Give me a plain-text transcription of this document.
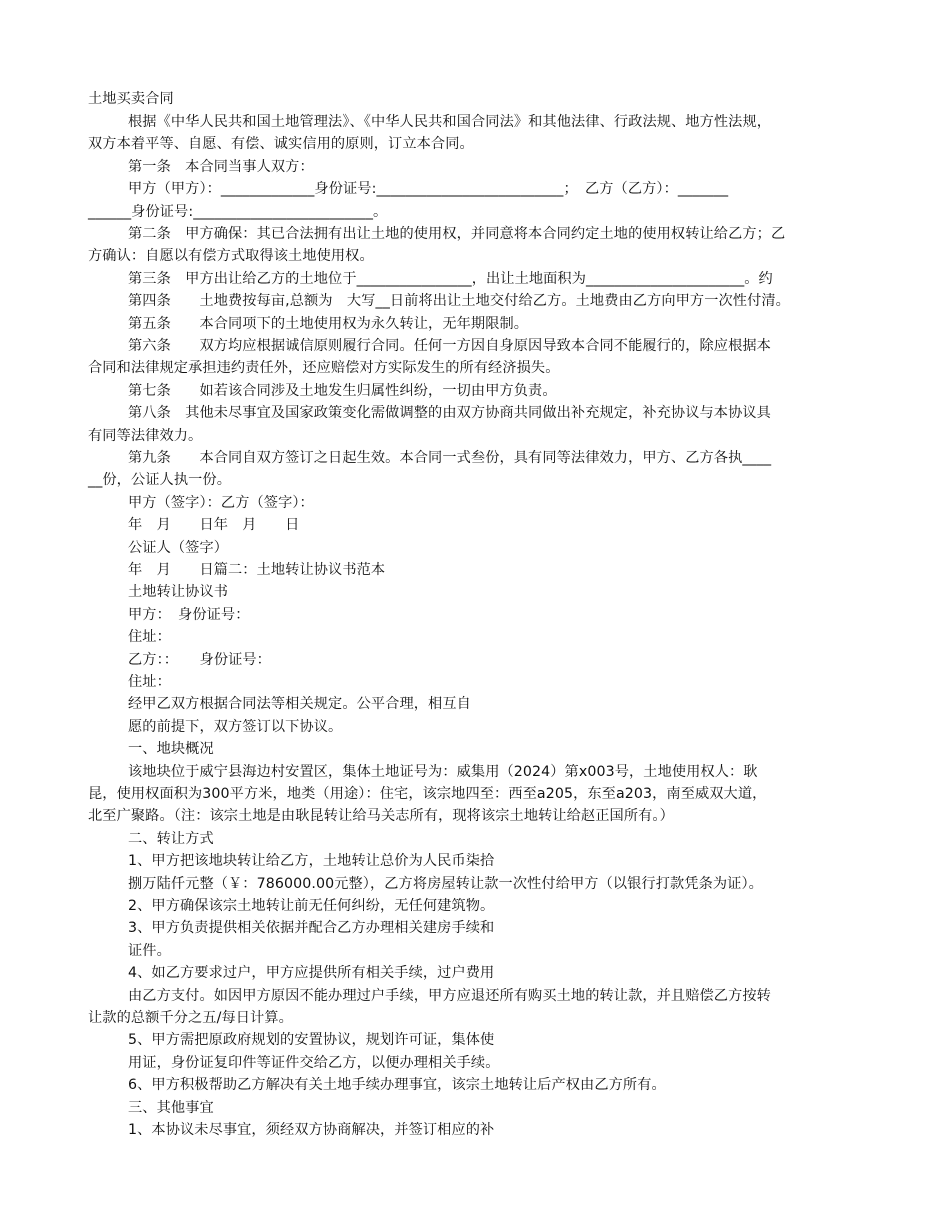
土地买卖合同
根据《中华人民共和国土地管理法》、《中华人民共和国合同法》和其他法律、行政法规、地方性法规，
双方本着平等、自愿、有偿、诚实信用的原则，订立本合同。
第一条　本合同当事人双方：
甲方（甲方）：_____________身份证号:__________________________；　乙方（乙方）：_______
______身份证号:_________________________。
第二条　甲方确保：其已合法拥有出让土地的使用权，并同意将本合同约定土地的使用权转让给乙方；乙
方确认：自愿以有偿方式取得该土地使用权。
第三条　甲方出让给乙方的土地位于________________，出让土地面积为______________________。约
第四条　　土地费按每亩,总额为　大写__日前将出让土地交付给乙方。土地费由乙方向甲方一次性付清。
第五条　　本合同项下的土地使用权为永久转让，无年期限制。
第六条　　双方均应根据诚信原则履行合同。任何一方因自身原因导致本合同不能履行的，除应根据本
合同和法律规定承担违约责任外，还应赔偿对方实际发生的所有经济损失。
第七条　　如若该合同涉及土地发生归属性纠纷，一切由甲方负责。
第八条　其他未尽事宜及国家政策变化需做调整的由双方协商共同做出补充规定，补充协议与本协议具
有同等法律效力。
第九条　　本合同自双方签订之日起生效。本合同一式叁份，具有同等法律效力，甲方、乙方各执____
__份，公证人执一份。
甲方（签字）：乙方（签字）：
年　月　　日年　月　　日
公证人（签字）
年　月　　日篇二：土地转让协议书范本
土地转让协议书
甲方：　身份证号：
住址：
乙方：：　　身份证号：
住址：
经甲乙双方根据合同法等相关规定。公平合理，相互自
愿的前提下，双方签订以下协议。
一、地块概况
该地块位于威宁县海边村安置区，集体土地证号为：威集用（2024）第x003号，土地使用权人：耿
昆，使用权面积为300平方米，地类（用途）：住宅，该宗地四至：西至a205，东至a203，南至威双大道，
北至广聚路。（注：该宗土地是由耿昆转让给马关志所有，现将该宗土地转让给赵正国所有。）
二、转让方式
1、甲方把该地块转让给乙方，土地转让总价为人民币柒拾
捌万陆仟元整（￥：786000.00元整），乙方将房屋转让款一次性付给甲方（以银行打款凭条为证）。
2、甲方确保该宗土地转让前无任何纠纷，无任何建筑物。
3、甲方负责提供相关依据并配合乙方办理相关建房手续和
证件。
4、如乙方要求过户，甲方应提供所有相关手续，过户费用
由乙方支付。如因甲方原因不能办理过户手续，甲方应退还所有购买土地的转让款，并且赔偿乙方按转
让款的总额千分之五/每日计算。
5、甲方需把原政府规划的安置协议，规划许可证，集体使
用证，身份证复印件等证件交给乙方，以便办理相关手续。
6、甲方积极帮助乙方解决有关土地手续办理事宜，该宗土地转让后产权由乙方所有。
三、其他事宜
1、本协议未尽事宜，须经双方协商解决，并签订相应的补
